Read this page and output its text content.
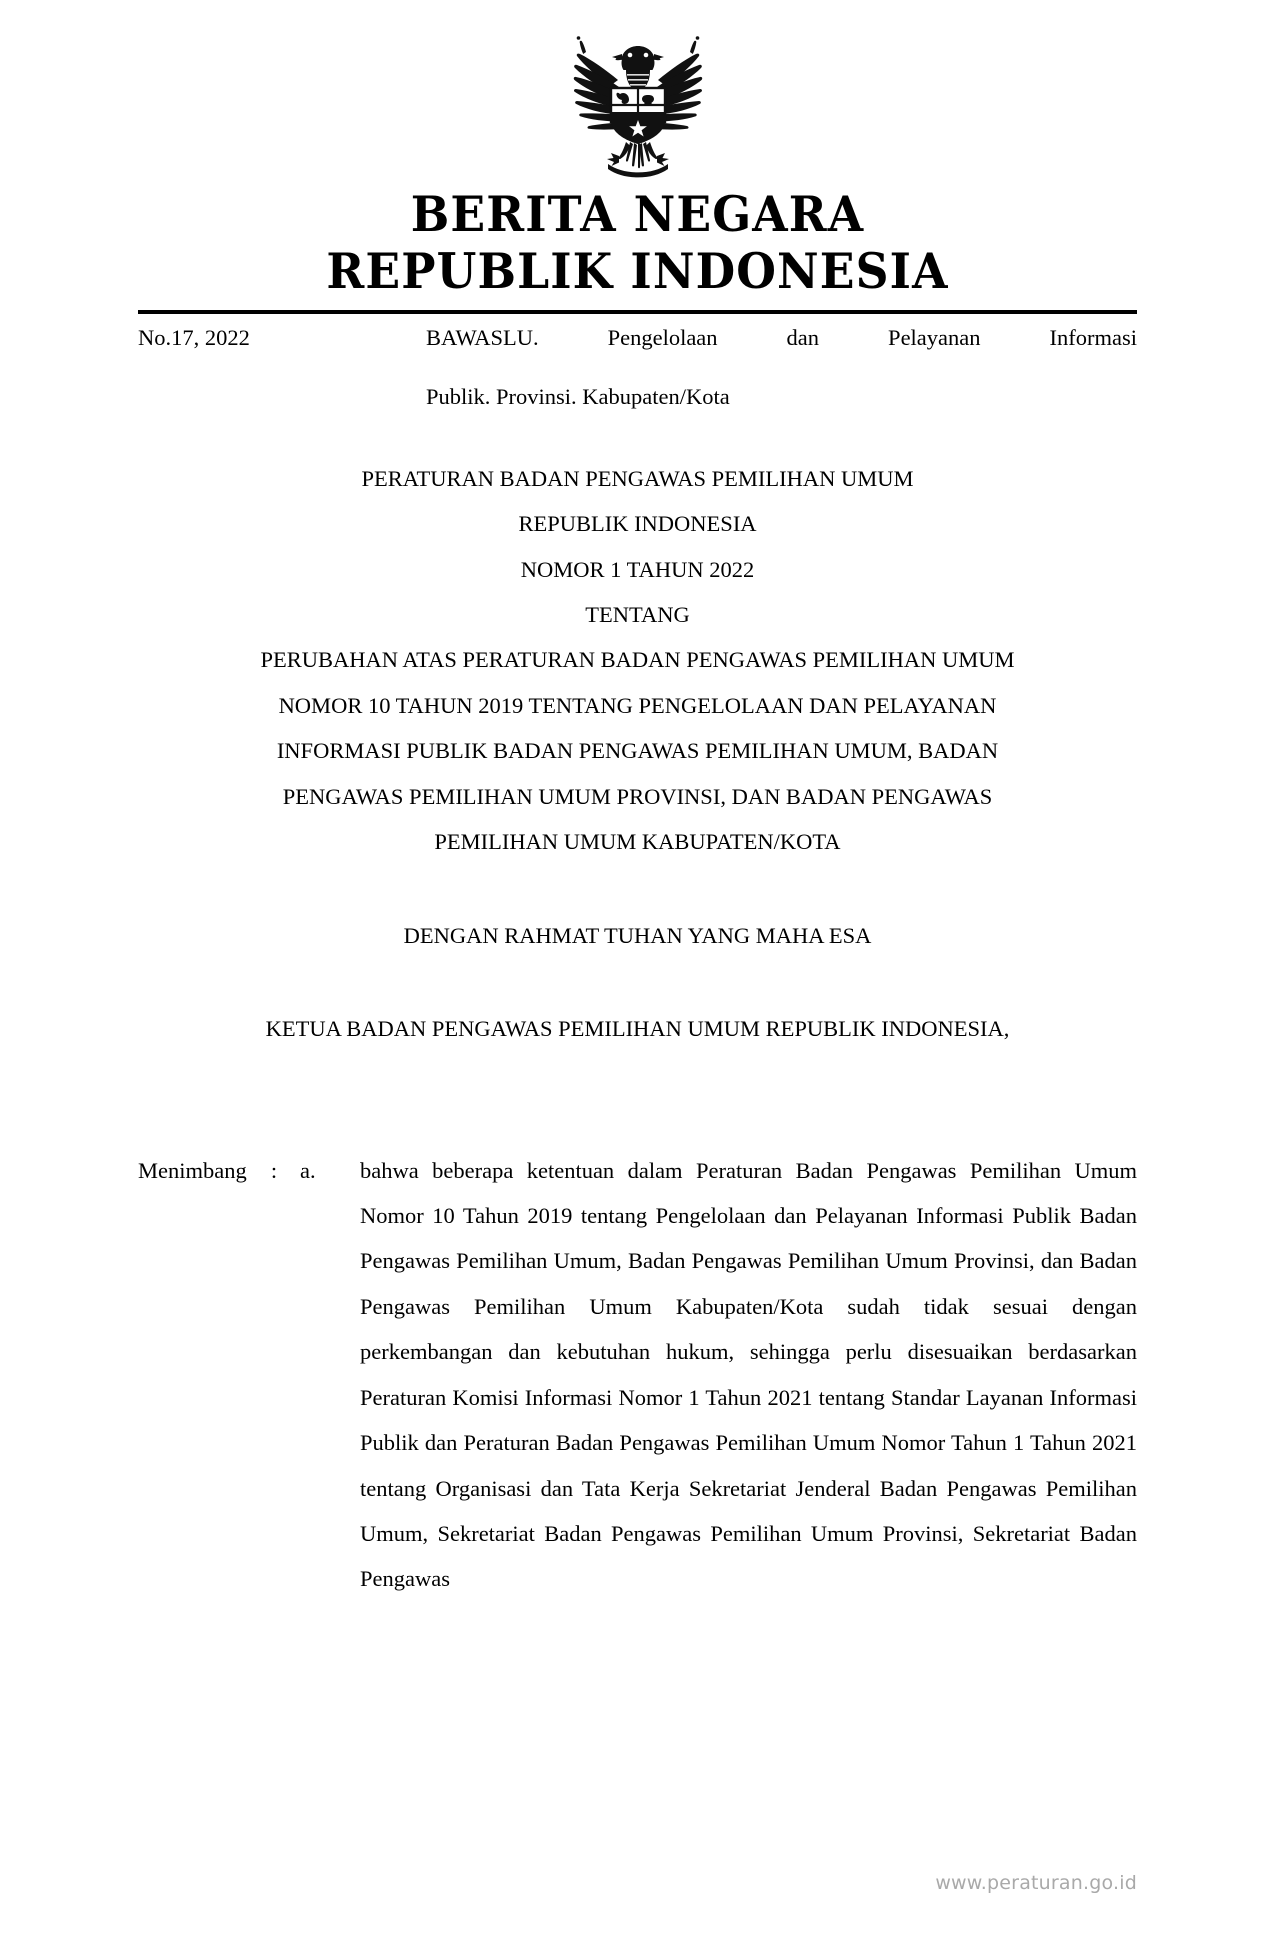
BERITA NEGARA
REPUBLIK INDONESIA
No.17, 2022	BAWASLU. Pengelolaan dan Pelayanan Informasi
Publik. Provinsi. Kabupaten/Kota
PERATURAN BADAN PENGAWAS PEMILIHAN UMUM
REPUBLIK INDONESIA
NOMOR 1 TAHUN 2022
TENTANG
PERUBAHAN ATAS PERATURAN BADAN PENGAWAS PEMILIHAN UMUM
NOMOR 10 TAHUN 2019 TENTANG PENGELOLAAN DAN PELAYANAN
INFORMASI PUBLIK BADAN PENGAWAS PEMILIHAN UMUM, BADAN
PENGAWAS PEMILIHAN UMUM PROVINSI, DAN BADAN PENGAWAS
PEMILIHAN UMUM KABUPATEN/KOTA
DENGAN RAHMAT TUHAN YANG MAHA ESA
KETUA BADAN PENGAWAS PEMILIHAN UMUM REPUBLIK INDONESIA,
Menimbang	:	a.	bahwa beberapa ketentuan dalam Peraturan Badan Pengawas Pemilihan Umum Nomor 10 Tahun 2019 tentang Pengelolaan dan Pelayanan Informasi Publik Badan Pengawas Pemilihan Umum, Badan Pengawas Pemilihan Umum Provinsi, dan Badan Pengawas Pemilihan Umum Kabupaten/Kota sudah tidak sesuai dengan perkembangan dan kebutuhan hukum, sehingga perlu disesuaikan berdasarkan Peraturan Komisi Informasi Nomor 1 Tahun 2021 tentang Standar Layanan Informasi Publik dan Peraturan Badan Pengawas Pemilihan Umum Nomor Tahun 1 Tahun 2021 tentang Organisasi dan Tata Kerja Sekretariat Jenderal Badan Pengawas Pemilihan Umum, Sekretariat Badan Pengawas Pemilihan Umum Provinsi, Sekretariat Badan Pengawas

www.peraturan.go.id
